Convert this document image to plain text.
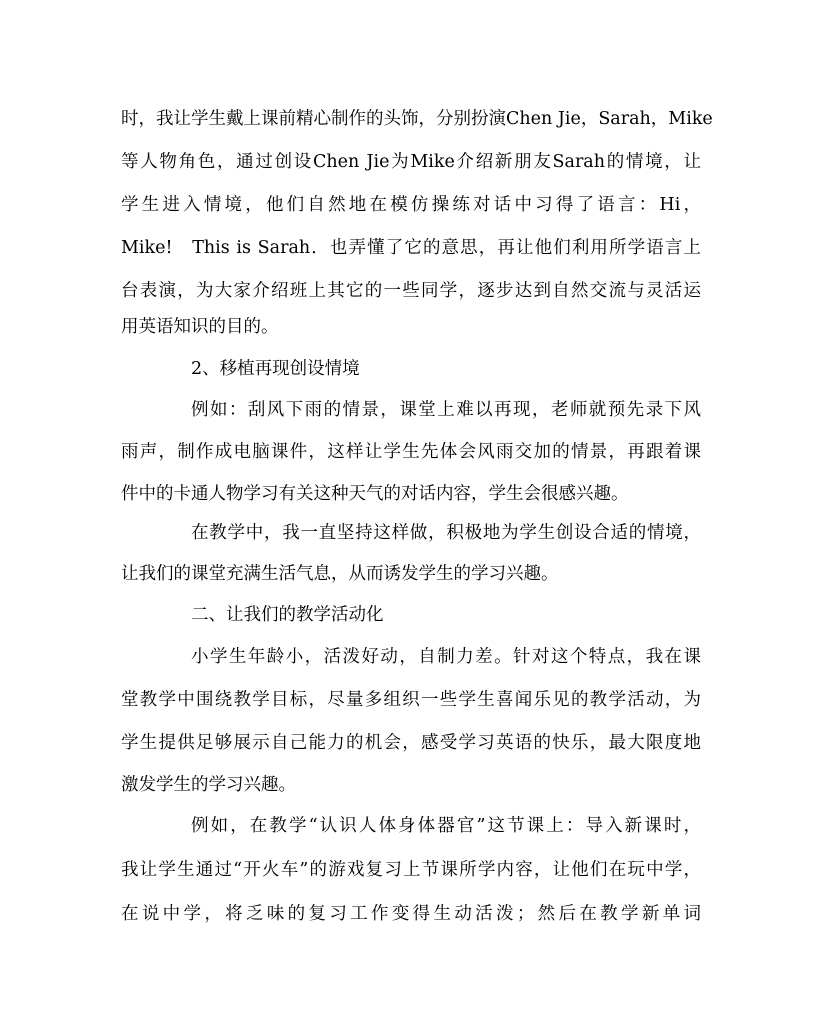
时，我让学生戴上课前精心制作的头饰，分别扮演Chen Jie，Sarah，Mike
等人物角色，通过创设Chen Jie为Mike介绍新朋友Sarah的情境，让
学生进入情境，他们自然地在模仿操练对话中习得了语言：Hi，
Mike!　This is Sarah．也弄懂了它的意思，再让他们利用所学语言上
台表演，为大家介绍班上其它的一些同学，逐步达到自然交流与灵活运
用英语知识的目的。
2、移植再现创设情境
例如：刮风下雨的情景，课堂上难以再现，老师就预先录下风
雨声，制作成电脑课件，这样让学生先体会风雨交加的情景，再跟着课
件中的卡通人物学习有关这种天气的对话内容，学生会很感兴趣。
在教学中，我一直坚持这样做，积极地为学生创设合适的情境，
让我们的课堂充满生活气息，从而诱发学生的学习兴趣。
二、让我们的教学活动化
小学生年龄小，活泼好动，自制力差。针对这个特点，我在课
堂教学中围绕教学目标，尽量多组织一些学生喜闻乐见的教学活动，为
学生提供足够展示自己能力的机会，感受学习英语的快乐，最大限度地
激发学生的学习兴趣。
例如，在教学“认识人体身体器官”这节课上：导入新课时，
我让学生通过“开火车”的游戏复习上节课所学内容，让他们在玩中学，
在说中学，将乏味的复习工作变得生动活泼；然后在教学新单词
